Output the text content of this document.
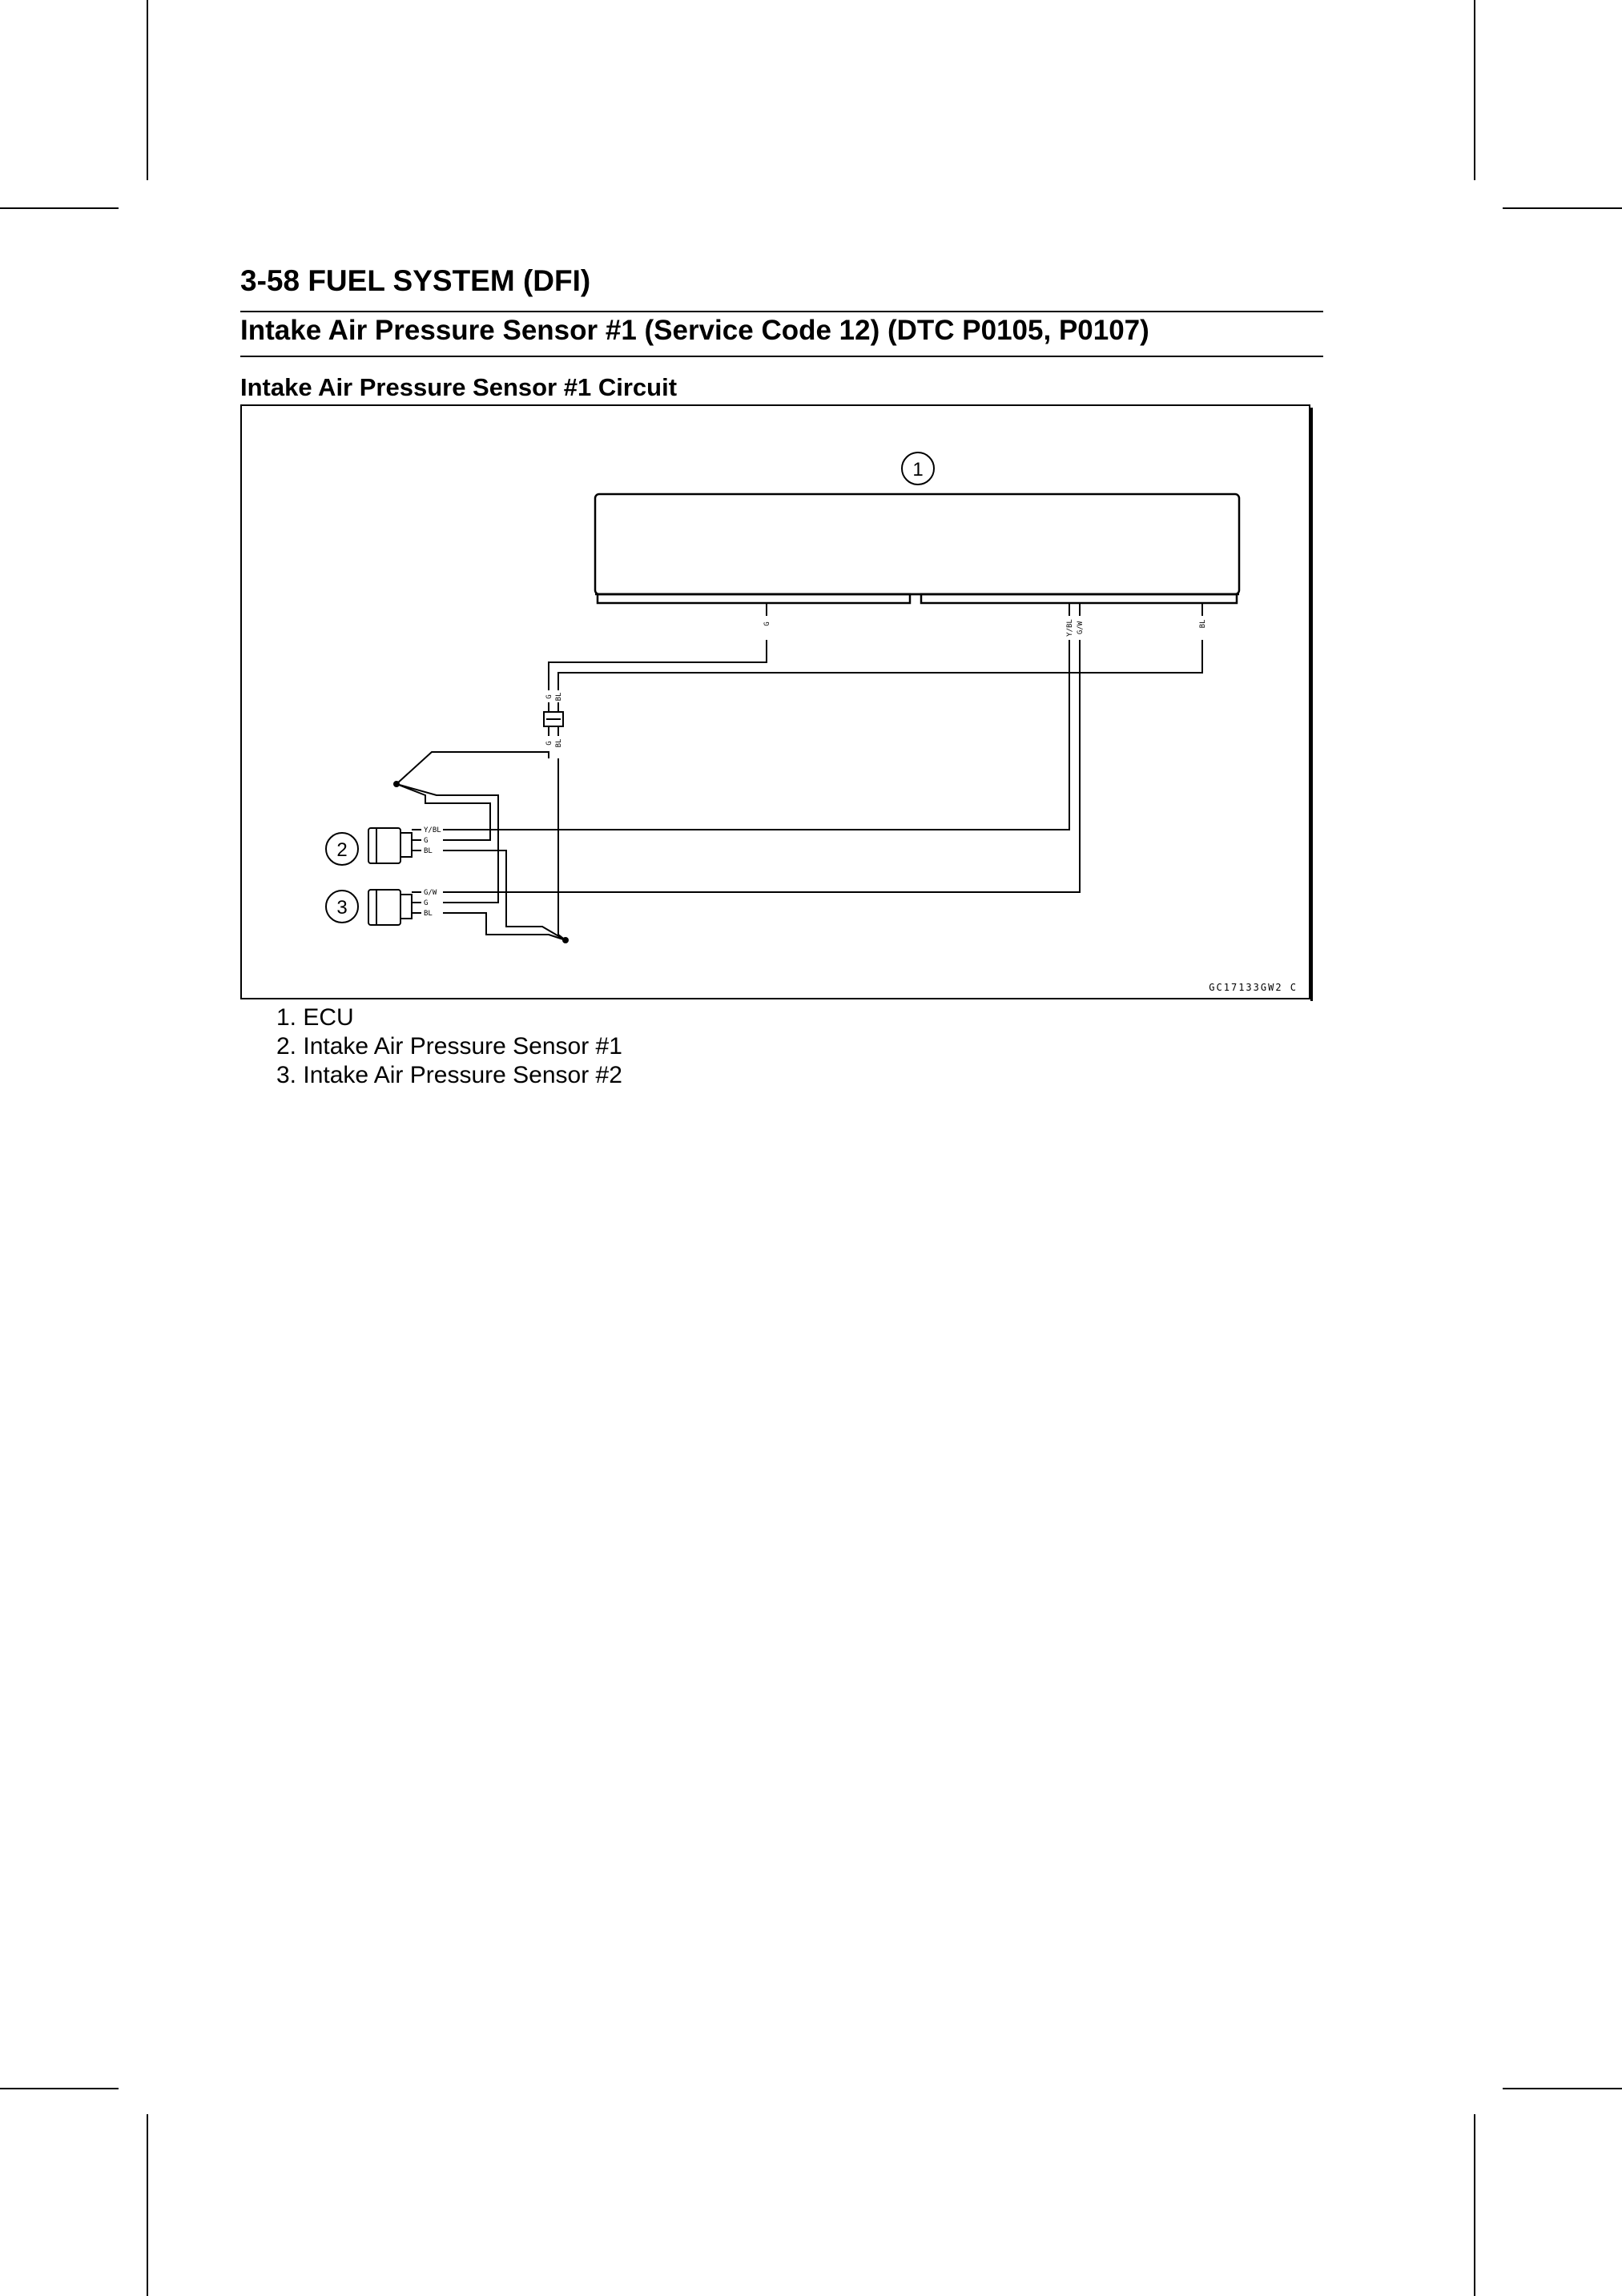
3-58 FUEL SYSTEM (DFI)
Intake Air Pressure Sensor #1 (Service Code 12) (DTC P0105, P0107)
Intake Air Pressure Sensor #1 Circuit
1
2
3
G	Y/BL G/W	BL
G BL
G BL
Y/BL
G
BL
G/W
G
BL
GC17133GW2 C
1. ECU
2. Intake Air Pressure Sensor #1
3. Intake Air Pressure Sensor #2
